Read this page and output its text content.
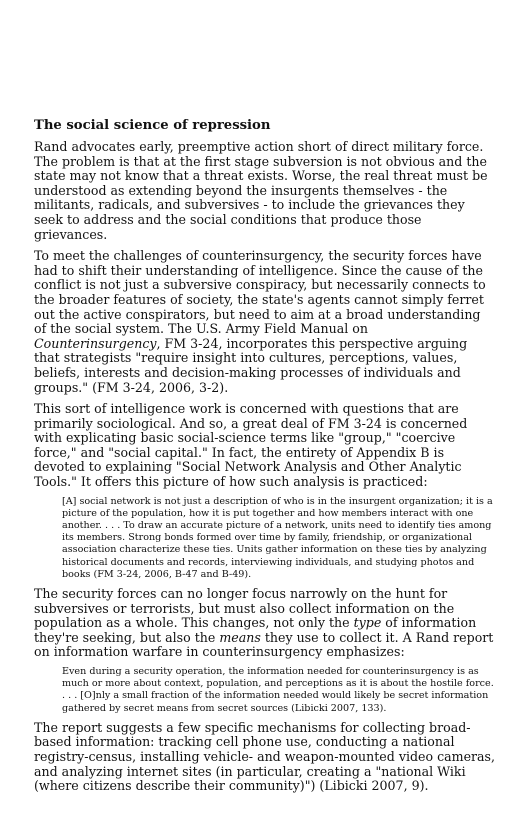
The social science of repression

Rand advocates early, preemptive action short of direct military force. The problem is that at the first stage subversion is not obvious and the state may not know that a threat exists. Worse, the real threat must be understood as extending beyond the insurgents themselves - the militants, radicals, and subversives - to include the grievances they seek to address and the social conditions that produce those grievances.

To meet the challenges of counterinsurgency, the security forces have had to shift their understanding of intelligence. Since the cause of the conflict is not just a subversive conspiracy, but necessarily connects to the broader features of society, the state's agents cannot simply ferret out the active conspirators, but need to aim at a broad understanding of the social system. The U.S. Army Field Manual on Counterinsurgency, FM 3-24, incorporates this perspective arguing that strategists "require insight into cultures, perceptions, values, beliefs, interests and decision-making processes of individuals and groups." (FM 3-24, 2006, 3-2).

This sort of intelligence work is concerned with questions that are primarily sociological. And so, a great deal of FM 3-24 is concerned with explicating basic social-science terms like "group," "coercive force," and "social capital." In fact, the entirety of Appendix B is devoted to explaining "Social Network Analysis and Other Analytic Tools." It offers this picture of how such analysis is practiced:

[A] social network is not just a description of who is in the insurgent organization; it is a picture of the population, how it is put together and how members interact with one another. . . . To draw an accurate picture of a network, units need to identify ties among its members. Strong bonds formed over time by family, friendship, or organizational association characterize these ties. Units gather information on these ties by analyzing historical documents and records, interviewing individuals, and studying photos and books (FM 3-24, 2006, B-47 and B-49).

The security forces can no longer focus narrowly on the hunt for subversives or terrorists, but must also collect information on the population as a whole. This changes, not only the type of information they're seeking, but also the means they use to collect it. A Rand report on information warfare in counterinsurgency emphasizes:

Even during a security operation, the information needed for counterinsurgency is as much or more about context, population, and perceptions as it is about the hostile force. . . . [O]nly a small fraction of the information needed would likely be secret information gathered by secret means from secret sources (Libicki 2007, 133).

The report suggests a few specific mechanisms for collecting broad-based information: tracking cell phone use, conducting a national registry-census, installing vehicle- and weapon-mounted video cameras, and analyzing internet sites (in particular, creating a "national Wiki (where citizens describe their community)") (Libicki 2007, 9).
